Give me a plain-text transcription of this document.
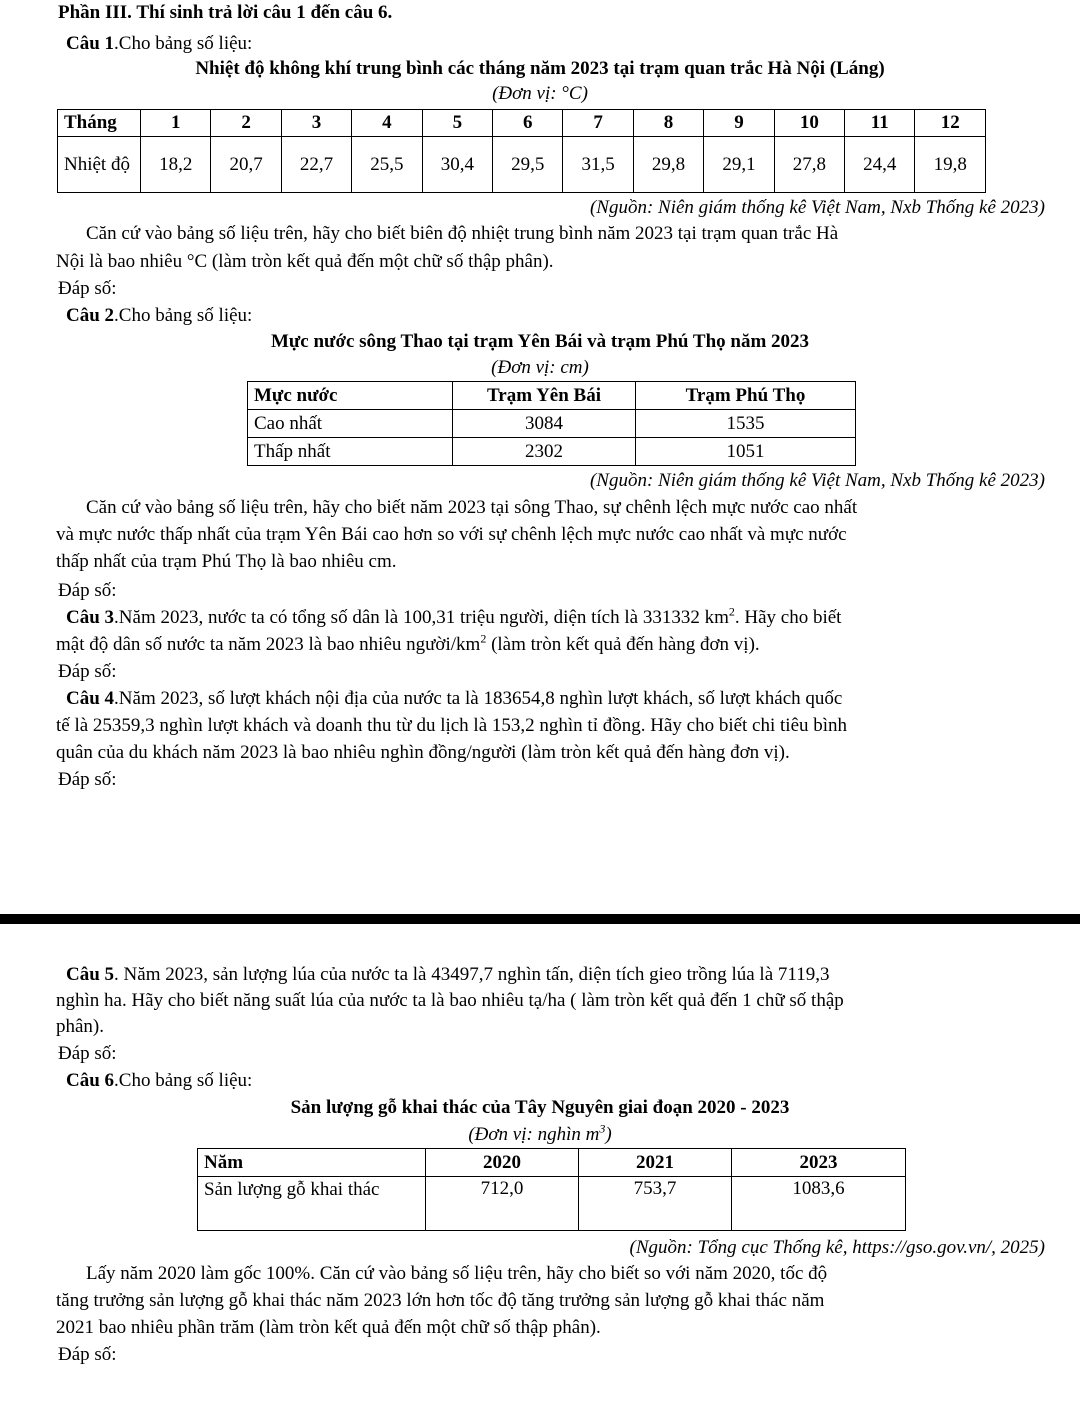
Phần III. Thí sinh trả lời câu 1 đến câu 6.
Câu 1.Cho bảng số liệu:
Nhiệt độ không khí trung bình các tháng năm 2023 tại trạm quan trắc Hà Nội (Láng)
(Đơn vị: °C)
Tháng	1	2	3	4	5	6	7	8	9	10	11	12
Nhiệt độ	18,2	20,7	22,7	25,5	30,4	29,5	31,5	29,8	29,1	27,8	24,4	19,8
(Nguồn: Niên giám thống kê Việt Nam, Nxb Thống kê 2023)
Căn cứ vào bảng số liệu trên, hãy cho biết biên độ nhiệt trung bình năm 2023 tại trạm quan trắc Hà
Nội là bao nhiêu °C (làm tròn kết quả đến một chữ số thập phân).
Đáp số:
Câu 2.Cho bảng số liệu:
Mực nước sông Thao tại trạm Yên Bái và trạm Phú Thọ năm 2023
(Đơn vị: cm)
Mực nước	Trạm Yên Bái	Trạm Phú Thọ
Cao nhất	3084	1535
Thấp nhất	2302	1051
(Nguồn: Niên giám thống kê Việt Nam, Nxb Thống kê 2023)
Căn cứ vào bảng số liệu trên, hãy cho biết năm 2023 tại sông Thao, sự chênh lệch mực nước cao nhất
và mực nước thấp nhất của trạm Yên Bái cao hơn so với sự chênh lệch mực nước cao nhất và mực nước
thấp nhất của trạm Phú Thọ là bao nhiêu cm.
Đáp số:
Câu 3.Năm 2023, nước ta có tổng số dân là 100,31 triệu người, diện tích là 331332 $km^2$. Hãy cho biết
mật độ dân số nước ta năm 2023 là bao nhiêu người/$km^2$ (làm tròn kết quả đến hàng đơn vị).
Đáp số:
Câu 4.Năm 2023, số lượt khách nội địa của nước ta là 183654,8 nghìn lượt khách, số lượt khách quốc
tế là 25359,3 nghìn lượt khách và doanh thu từ du lịch là 153,2 nghìn tỉ đồng. Hãy cho biết chi tiêu bình
quân của du khách năm 2023 là bao nhiêu nghìn đồng/người (làm tròn kết quả đến hàng đơn vị).
Đáp số:
Câu 5. Năm 2023, sản lượng lúa của nước ta là 43497,7 nghìn tấn, diện tích gieo trồng lúa là 7119,3
nghìn ha. Hãy cho biết năng suất lúa của nước ta là bao nhiêu tạ/ha ( làm tròn kết quả đến 1 chữ số thập
phân).
Đáp số:
Câu 6.Cho bảng số liệu:
Sản lượng gỗ khai thác của Tây Nguyên giai đoạn 2020 - 2023
(Đơn vị: nghìn $m^3$)
Năm	2020	2021	2023
Sản lượng gỗ khai thác	712,0	753,7	1083,6
(Nguồn: Tổng cục Thống kê, https://gso.gov.vn/, 2025)
Lấy năm 2020 làm gốc 100%. Căn cứ vào bảng số liệu trên, hãy cho biết so với năm 2020, tốc độ
tăng trưởng sản lượng gỗ khai thác năm 2023 lớn hơn tốc độ tăng trưởng sản lượng gỗ khai thác năm
2021 bao nhiêu phần trăm (làm tròn kết quả đến một chữ số thập phân).
Đáp số:
